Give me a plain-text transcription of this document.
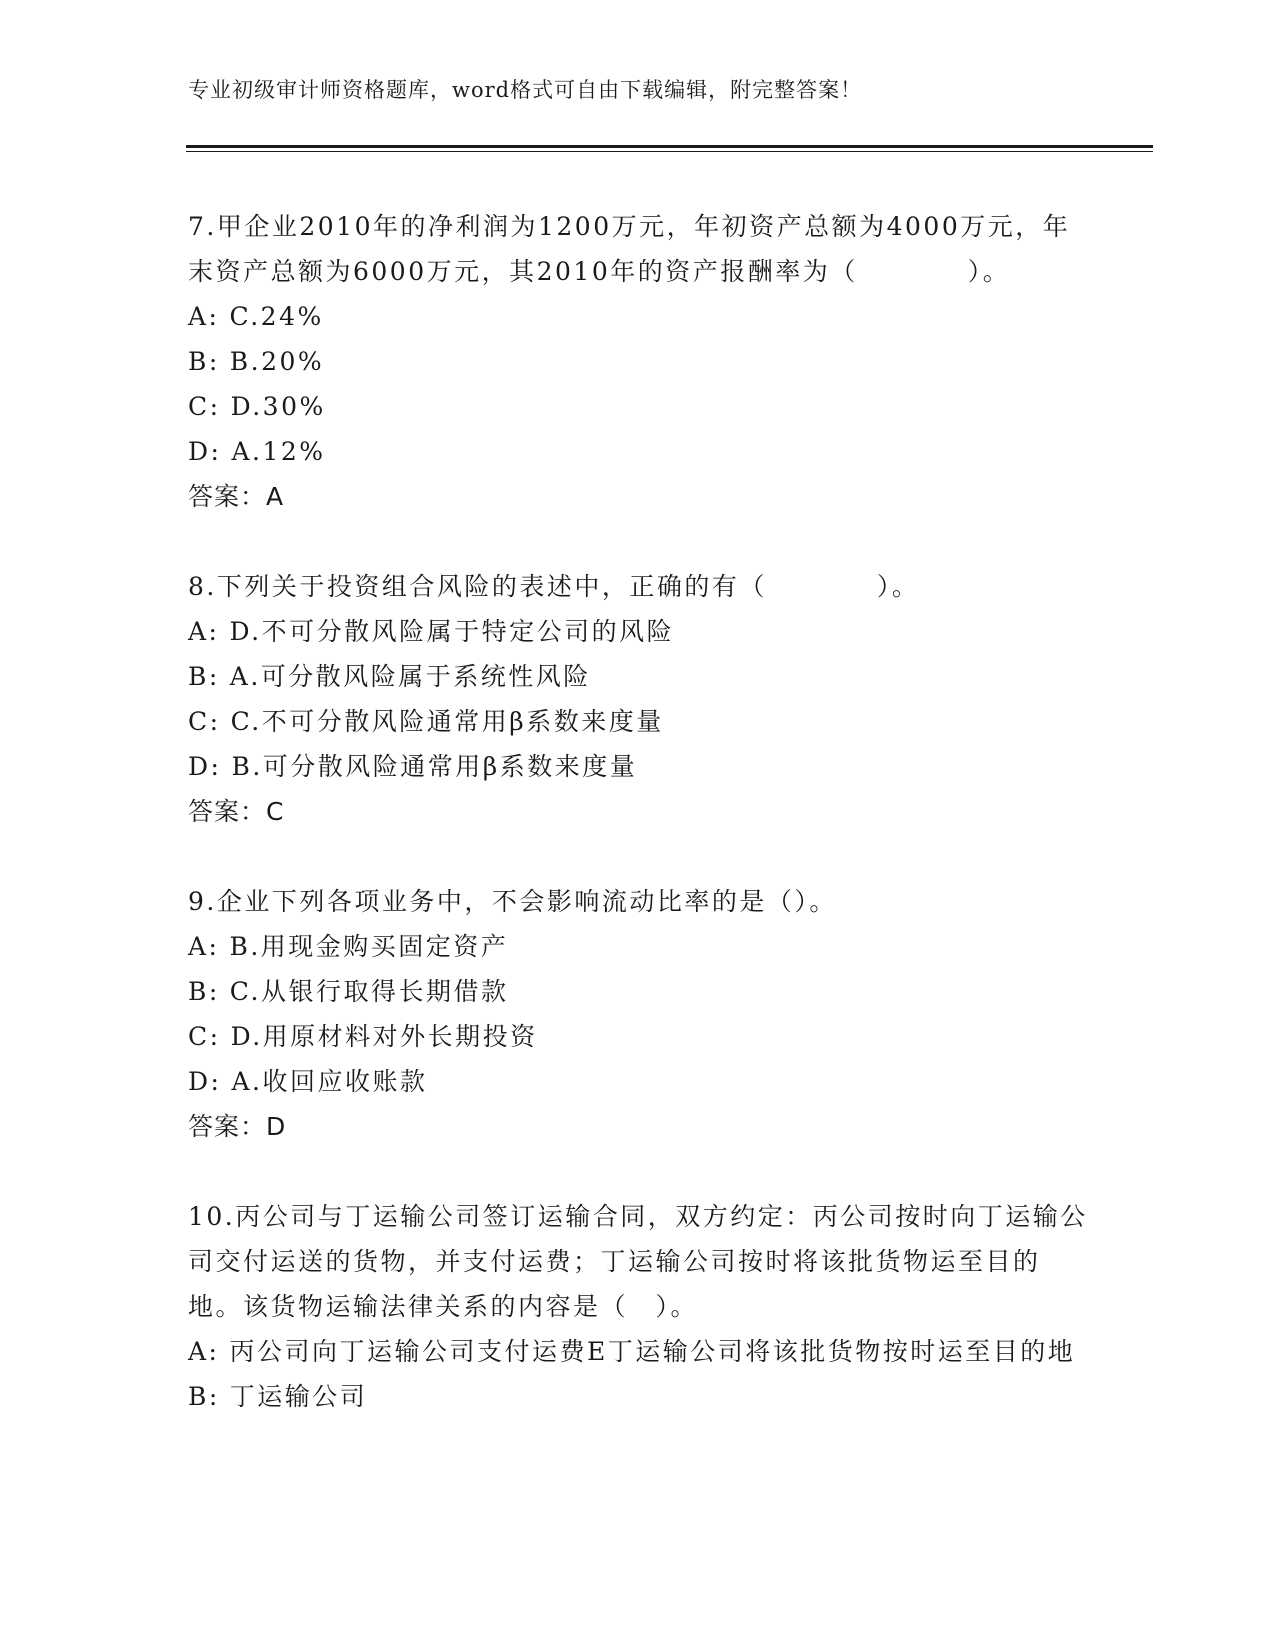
专业初级审计师资格题库，word格式可自由下载编辑，附完整答案！
7.甲企业2010年的净利润为1200万元，年初资产总额为4000万元，年末资产总额为6000万元，其2010年的资产报酬率为（　　　　）。
A: C.24%
B: B.20%
C: D.30%
D: A.12%
答案：A
8.下列关于投资组合风险的表述中，正确的有（　　　　）。
A: D.不可分散风险属于特定公司的风险
B: A.可分散风险属于系统性风险
C: C.不可分散风险通常用β系数来度量
D: B.可分散风险通常用β系数来度量
答案：C
9.企业下列各项业务中，不会影响流动比率的是（）。
A: B.用现金购买固定资产
B: C.从银行取得长期借款
C: D.用原材料对外长期投资
D: A.收回应收账款
答案：D
10.丙公司与丁运输公司签订运输合同，双方约定：丙公司按时向丁运输公司交付运送的货物，并支付运费；丁运输公司按时将该批货物运至目的地。该货物运输法律关系的内容是（　）。
A: 丙公司向丁运输公司支付运费E丁运输公司将该批货物按时运至目的地
B: 丁运输公司
